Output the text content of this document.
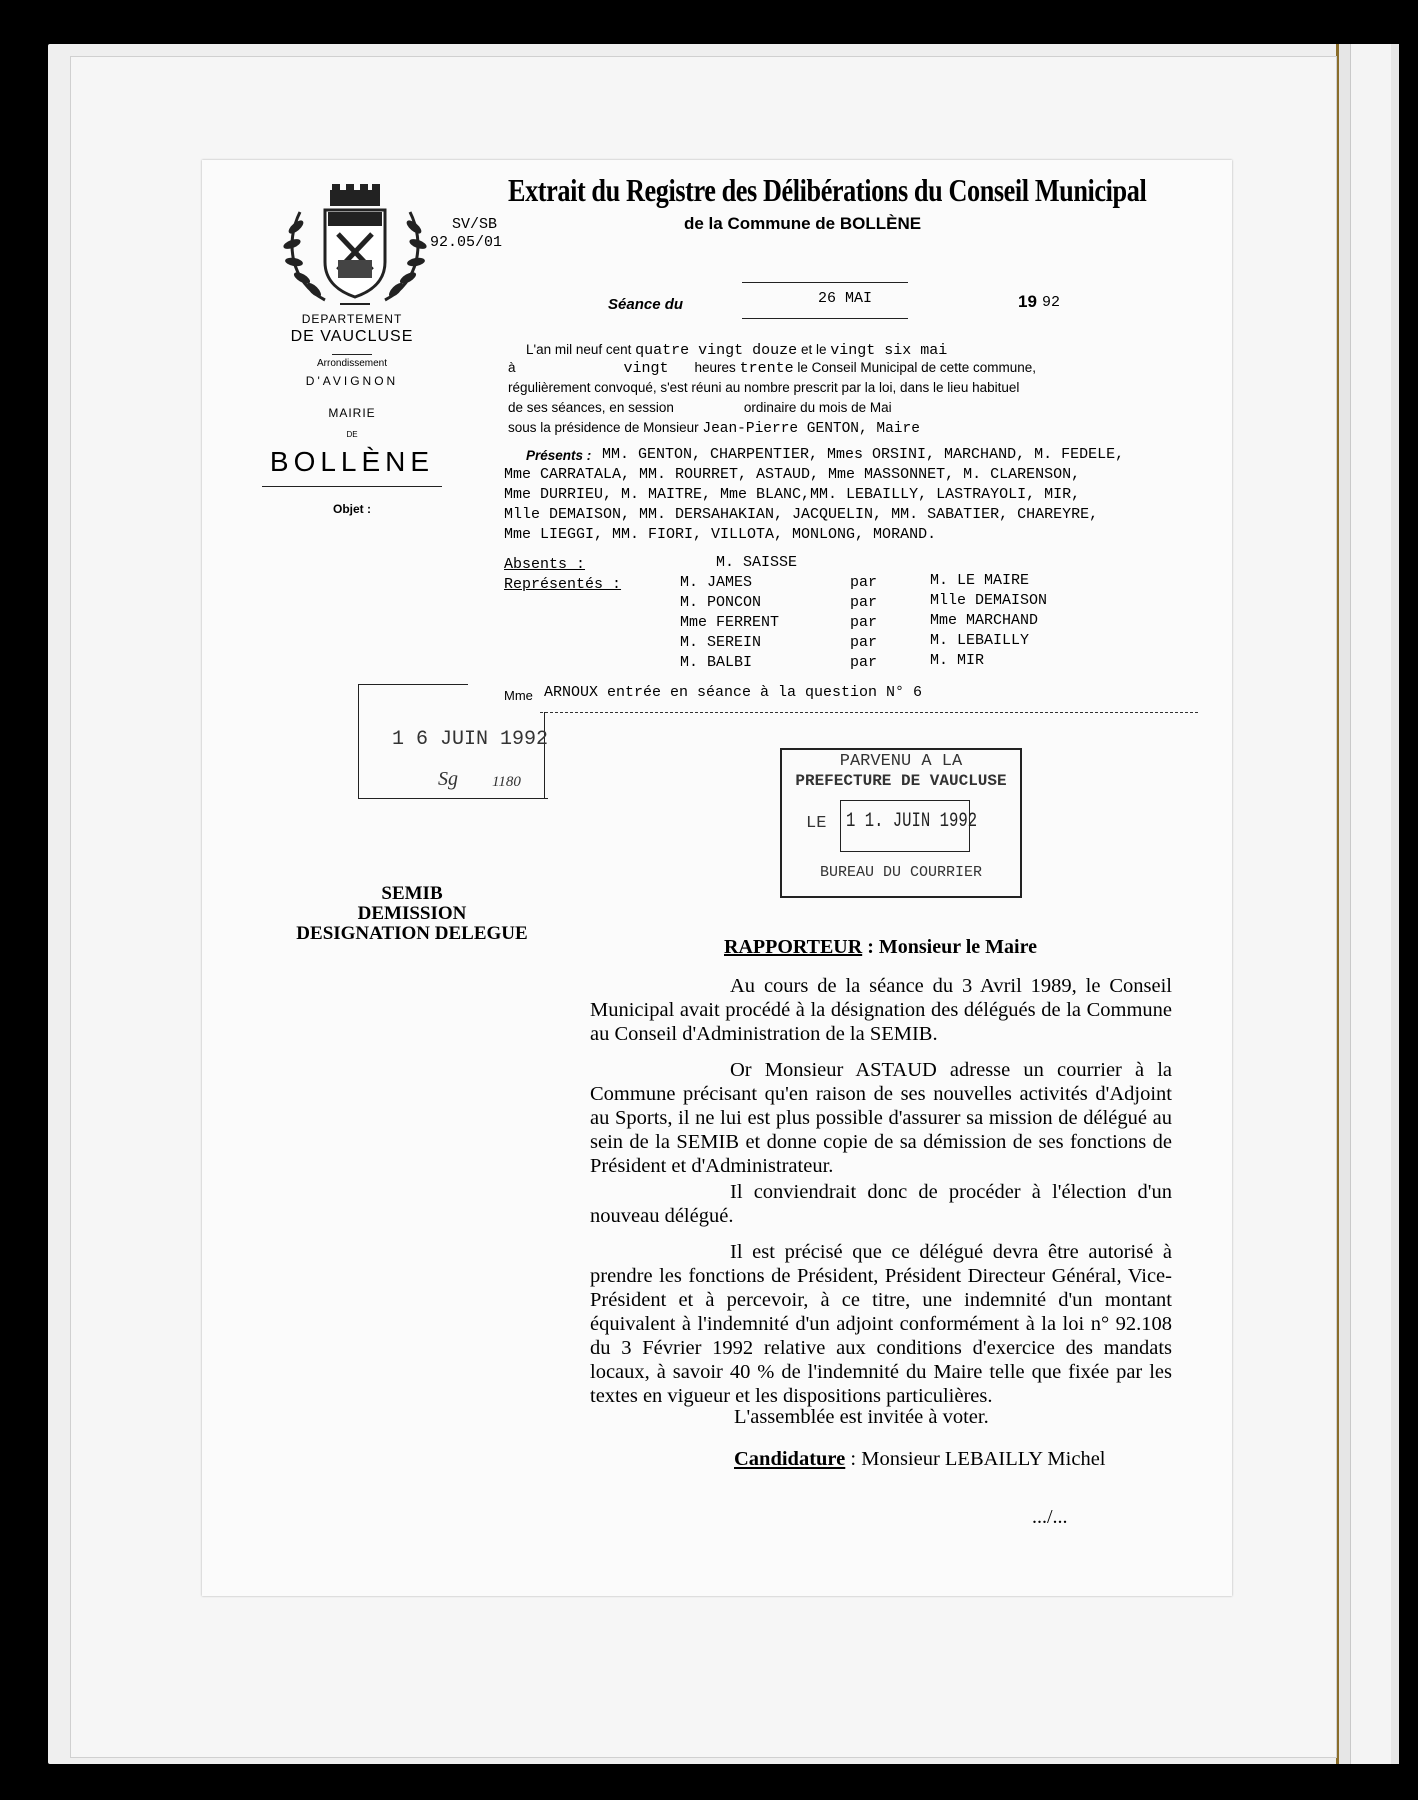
DEPARTEMENT
DE VAUCLUSE
Arrondissement
D'AVIGNON
MAIRIE
DE
BOLLÈNE
Objet :
Extrait du Registre des Délibérations du Conseil Municipal
SV/SB
92.05/01
de la Commune de BOLLÈNE
Séance du	26 MAI	19 92
L'an mil neuf cent quatre vingt douze et le vingt six mai
à	vingt heures trente le Conseil Municipal de cette commune,
régulièrement convoqué, s'est réuni au nombre prescrit par la loi, dans le lieu habituel
de ses séances, en session	ordinaire du mois de Mai
sous la présidence de Monsieur Jean-Pierre GENTON, Maire
Présents : MM. GENTON, CHARPENTIER, Mmes ORSINI, MARCHAND, M. FEDELE,
Mme CARRATALA, MM. ROURRET, ASTAUD, Mme MASSONNET, M. CLARENSON,
Mme DURRIEU, M. MAITRE, Mme BLANC,MM. LEBAILLY, LASTRAYOLI, MIR,
Mlle DEMAISON, MM. DERSAHAKIAN, JACQUELIN, MM. SABATIER, CHAREYRE,
Mme LIEGGI, MM. FIORI, VILLOTA, MONLONG, MORAND.
Absents :	M. SAISSE
Représentés :	M. JAMES	par	M. LE MAIRE
M. PONCON	par	Mlle DEMAISON
Mme FERRENT	par	Mme MARCHAND
M. SEREIN	par	M. LEBAILLY
M. BALBI	par	M. MIR
Mme ARNOUX entrée en séance à la question N° 6
1 6 JUIN 1992
Sg 1180
PARVENU A LA
PREFECTURE DE VAUCLUSE
LE 1 1. JUIN 1992
BUREAU DU COURRIER
SEMIB
DEMISSION
DESIGNATION DELEGUE
RAPPORTEUR : Monsieur le Maire
Au cours de la séance du 3 Avril 1989, le Conseil Municipal avait procédé à la désignation des délégués de la Commune au Conseil d'Administration de la SEMIB.
Or Monsieur ASTAUD adresse un courrier à la Commune précisant qu'en raison de ses nouvelles activités d'Adjoint au Sports, il ne lui est plus possible d'assurer sa mission de délégué au sein de la SEMIB et donne copie de sa démission de ses fonctions de Président et d'Administrateur.
Il conviendrait donc de procéder à l'élection d'un nouveau délégué.
Il est précisé que ce délégué devra être autorisé à prendre les fonctions de Président, Président Directeur Général, Vice-Président et à percevoir, à ce titre, une indemnité d'un montant équivalent à l'indemnité d'un adjoint conformément à la loi n° 92.108 du 3 Février 1992 relative aux conditions d'exercice des mandats locaux, à savoir 40 % de l'indemnité du Maire telle que fixée par les textes en vigueur et les dispositions particulières.
L'assemblée est invitée à voter.
Candidature : Monsieur LEBAILLY Michel
.../...
